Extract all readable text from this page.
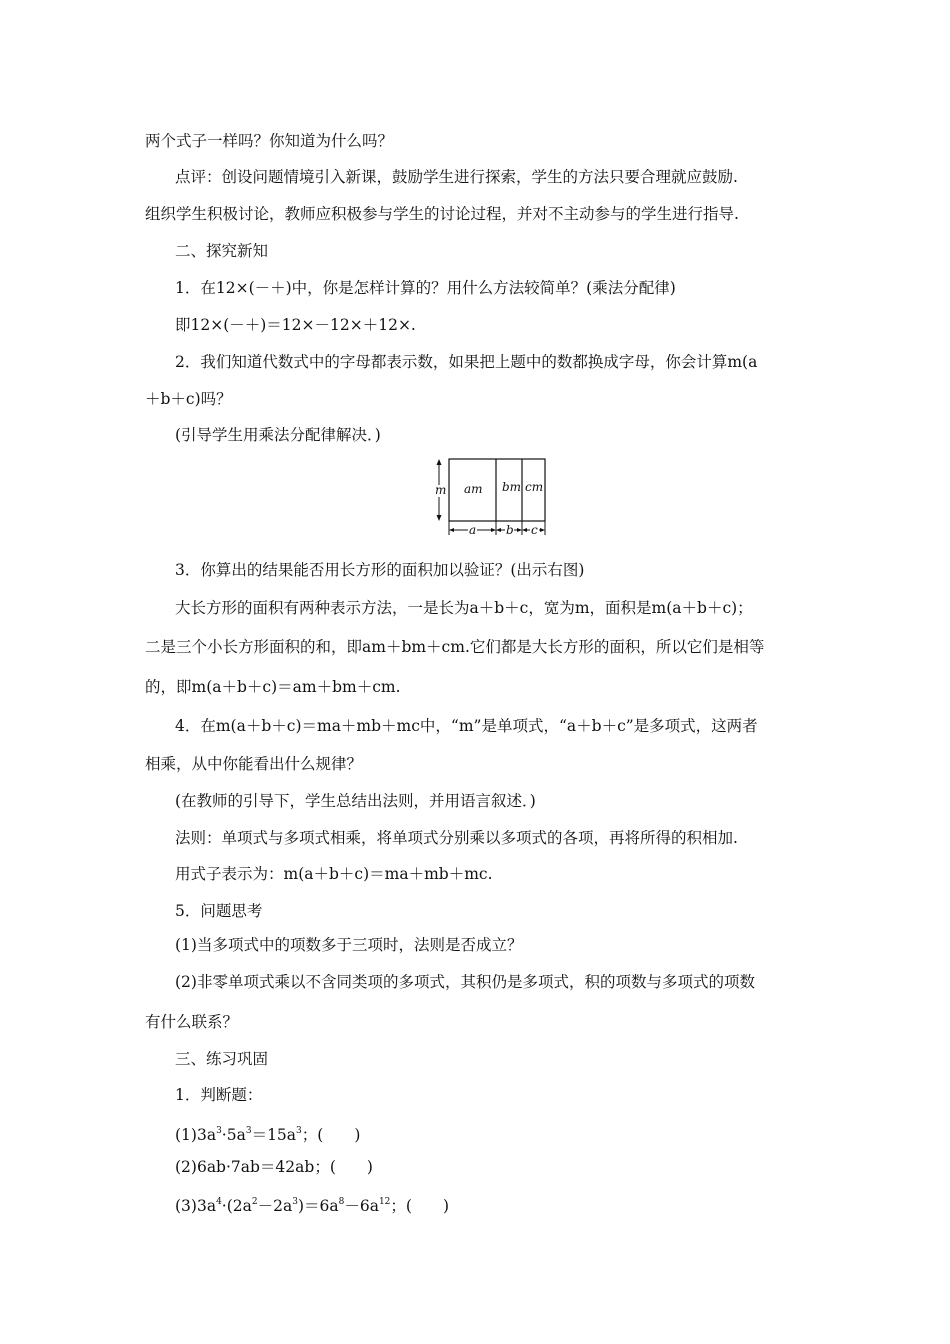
两个式子一样吗？你知道为什么吗？
点评：创设问题情境引入新课，鼓励学生进行探索，学生的方法只要合理就应鼓励.
组织学生积极讨论，教师应积极参与学生的讨论过程，并对不主动参与的学生进行指导.
二、探究新知
1．在12×(－＋)中，你是怎样计算的？用什么方法较简单？(乘法分配律)
即12×(－＋)＝12×－12×＋12×.
2．我们知道代数式中的字母都表示数，如果把上题中的数都换成字母，你会计算m(a
＋b＋c)吗？
(引导学生用乘法分配律解决．)
m am bm cm
a b c
3．你算出的结果能否用长方形的面积加以验证？(出示右图)
大长方形的面积有两种表示方法，一是长为a＋b＋c，宽为m，面积是m(a＋b＋c)；
二是三个小长方形面积的和，即am＋bm＋cm.它们都是大长方形的面积，所以它们是相等
的，即m(a＋b＋c)＝am＋bm＋cm.
4．在m(a＋b＋c)＝ma＋mb＋mc中，“m”是单项式，“a＋b＋c”是多项式，这两者
相乘，从中你能看出什么规律？
(在教师的引导下，学生总结出法则，并用语言叙述．)
法则：单项式与多项式相乘，将单项式分别乘以多项式的各项，再将所得的积相加.
用式子表示为：m(a＋b＋c)＝ma＋mb＋mc.
5．问题思考
(1)当多项式中的项数多于三项时，法则是否成立？
(2)非零单项式乘以不含同类项的多项式，其积仍是多项式，积的项数与多项式的项数
有什么联系？
三、练习巩固
1．判断题：
$(1)3a^3\cdot 5a^3=15a^3$；(　　)
(2)6ab·7ab＝42ab；(　　)
$(3)3a^4\cdot(2a^2-2a^3)=6a^8-6a^{12}$；(　　)
